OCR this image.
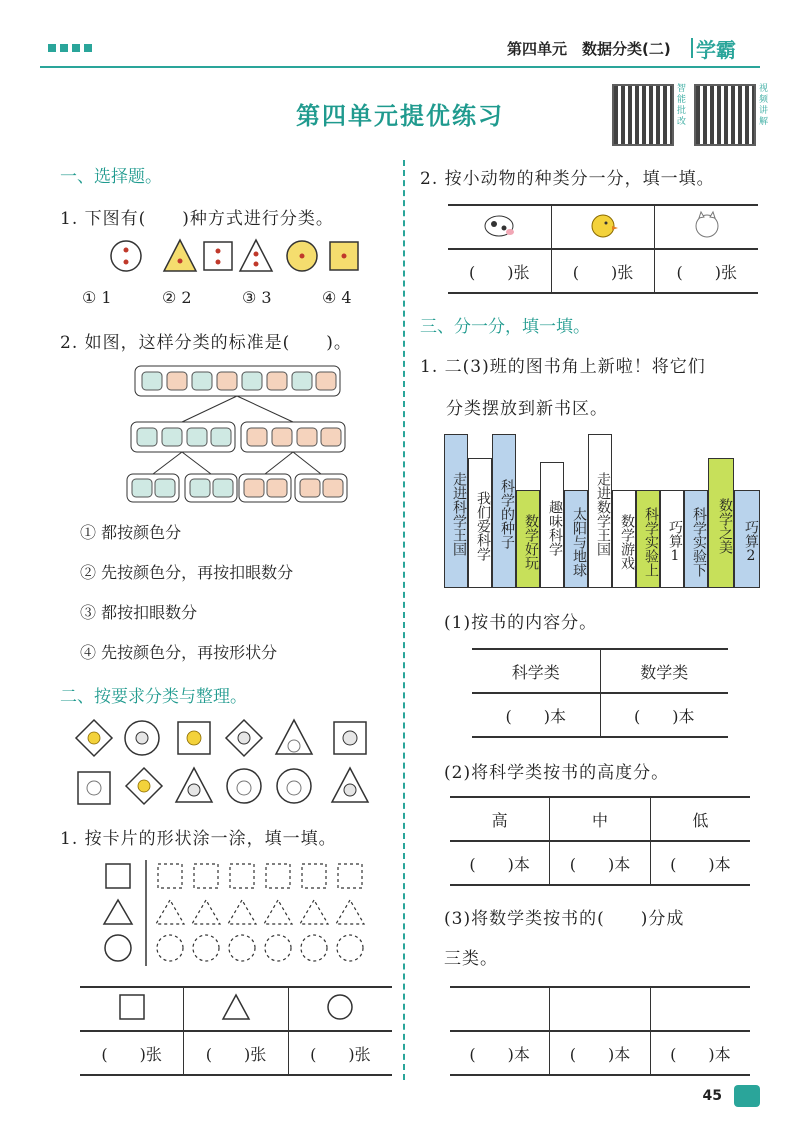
第四单元　数据分类(二) 学霸
第四单元提优练习
智能批改
视频讲解
一、选择题。
1. 下图有(　　)种方式进行分类。
① 1	② 2	③ 3	④ 4
2. 如图，这样分类的标准是(　　)。
① 都按颜色分
② 先按颜色分，再按扣眼数分
③ 都按扣眼数分
④ 先按颜色分，再按形状分
二、按要求分类与整理。
1. 按卡片的形状涂一涂，填一填。

(　　)张	(　　)张	(　　)张
2. 按小动物的种类分一分，填一填。

(　　)张	(　　)张	(　　)张
三、分一分，填一填。
1. 二(3)班的图书角上新啦！将它们
分类摆放到新书区。
走进科学王国 我们爱科学 科学的种子 数学好玩 趣味科学 太阳与地球 走进数学王国 数学游戏 科学实验上 巧算1 科学实验下 数学之美 巧算2
(1)按书的内容分。
科学类	数学类
(　　)本	(　　)本
(2)将科学类按书的高度分。
高	中	低
(　　)本	(　　)本	(　　)本
(3)将数学类按书的(　　)分成
三类。

(　　)本	(　　)本	(　　)本
45
